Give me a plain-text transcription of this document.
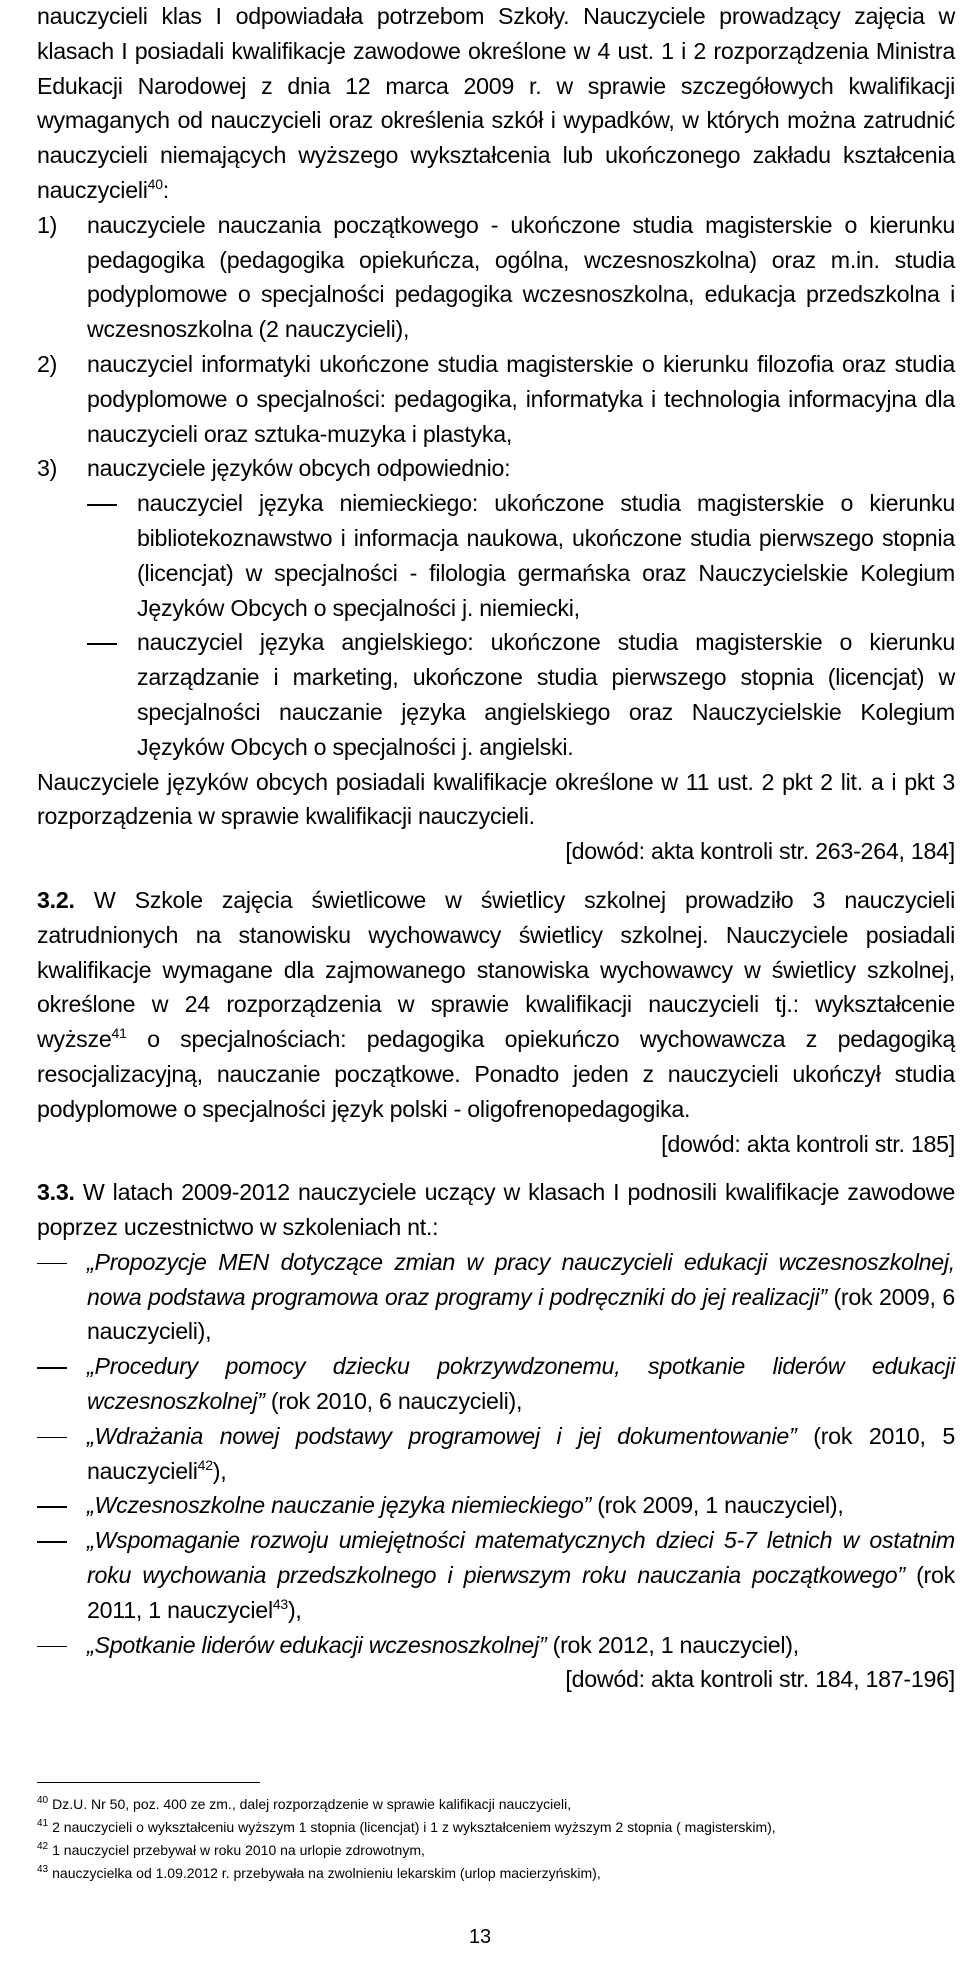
nauczycieli klas I odpowiadała potrzebom Szkoły. Nauczyciele prowadzący zajęcia w klasach I posiadali kwalifikacje zawodowe określone w 4 ust. 1 i 2 rozporządzenia Ministra Edukacji Narodowej z dnia 12 marca 2009 r. w sprawie szczegółowych kwalifikacji wymaganych od nauczycieli oraz określenia szkół i wypadków, w których można zatrudnić nauczycieli niemających wyższego wykształcenia lub ukończonego zakładu kształcenia nauczycieli$^{40}$:

1)	nauczyciele nauczania początkowego - ukończone studia magisterskie o kierunku pedagogika (pedagogika opiekuńcza, ogólna, wczesnoszkolna) oraz m.in. studia podyplomowe o specjalności pedagogika wczesnoszkolna, edukacja przedszkolna i wczesnoszkolna (2 nauczycieli),
2)	nauczyciel informatyki ukończone studia magisterskie o kierunku filozofia oraz studia podyplomowe o specjalności: pedagogika, informatyka i technologia informacyjna dla nauczycieli oraz sztuka-muzyka i plastyka,
3)	nauczyciele języków obcych odpowiednio:
nauczyciel języka niemieckiego: ukończone studia magisterskie o kierunku bibliotekoznawstwo i informacja naukowa, ukończone studia pierwszego stopnia (licencjat) w specjalności - filologia germańska oraz Nauczycielskie Kolegium Języków Obcych o specjalności j. niemiecki,
nauczyciel języka angielskiego: ukończone studia magisterskie o kierunku zarządzanie i marketing, ukończone studia pierwszego stopnia (licencjat) w specjalności nauczanie języka angielskiego oraz Nauczycielskie Kolegium Języków Obcych o specjalności j. angielski.

Nauczyciele języków obcych posiadali kwalifikacje określone w 11 ust. 2 pkt 2 lit. a i pkt 3 rozporządzenia w sprawie kwalifikacji nauczycieli.

[dowód: akta kontroli str. 263-264, 184]

3.2. W Szkole zajęcia świetlicowe w świetlicy szkolnej prowadziło 3 nauczycieli zatrudnionych na stanowisku wychowawcy świetlicy szkolnej. Nauczyciele posiadali kwalifikacje wymagane dla zajmowanego stanowiska wychowawcy w świetlicy szkolnej, określone w 24 rozporządzenia w sprawie kwalifikacji nauczycieli tj.: wykształcenie wyższe$^{41}$ o specjalnościach: pedagogika opiekuńczo wychowawcza z pedagogiką resocjalizacyjną, nauczanie początkowe. Ponadto jeden z nauczycieli ukończył studia podyplomowe o specjalności język polski - oligofrenopedagogika.

[dowód: akta kontroli str. 185]

3.3. W latach 2009-2012 nauczyciele uczący w klasach I podnosili kwalifikacje zawodowe poprzez uczestnictwo w szkoleniach nt.:

„Propozycje MEN dotyczące zmian w pracy nauczycieli edukacji wczesnoszkolnej, nowa podstawa programowa oraz programy i podręczniki do jej realizacji” (rok 2009, 6 nauczycieli),
„Procedury pomocy dziecku pokrzywdzonemu, spotkanie liderów edukacji wczesnoszkolnej” (rok 2010, 6 nauczycieli),
„Wdrażania nowej podstawy programowej i jej dokumentowanie” (rok 2010, 5 nauczycieli$^{42}$),
„Wczesnoszkolne nauczanie języka niemieckiego” (rok 2009, 1 nauczyciel),
„Wspomaganie rozwoju umiejętności matematycznych dzieci 5-7 letnich w ostatnim roku wychowania przedszkolnego i pierwszym roku nauczania początkowego” (rok 2011, 1 nauczyciel$^{43}$),
„Spotkanie liderów edukacji wczesnoszkolnej” (rok 2012, 1 nauczyciel),

[dowód: akta kontroli str. 184, 187-196]

$^{40}$ Dz.U. Nr 50, poz. 400 ze zm., dalej rozporządzenie w sprawie kalifikacji nauczycieli,

$^{41}$ 2 nauczycieli o wykształceniu wyższym 1 stopnia (licencjat) i 1 z wykształceniem wyższym 2 stopnia ( magisterskim),

$^{42}$ 1 nauczyciel przebywał w roku 2010 na urlopie zdrowotnym,

$^{43}$ nauczycielka od 1.09.2012 r. przebywała na zwolnieniu lekarskim (urlop macierzyńskim),

13
